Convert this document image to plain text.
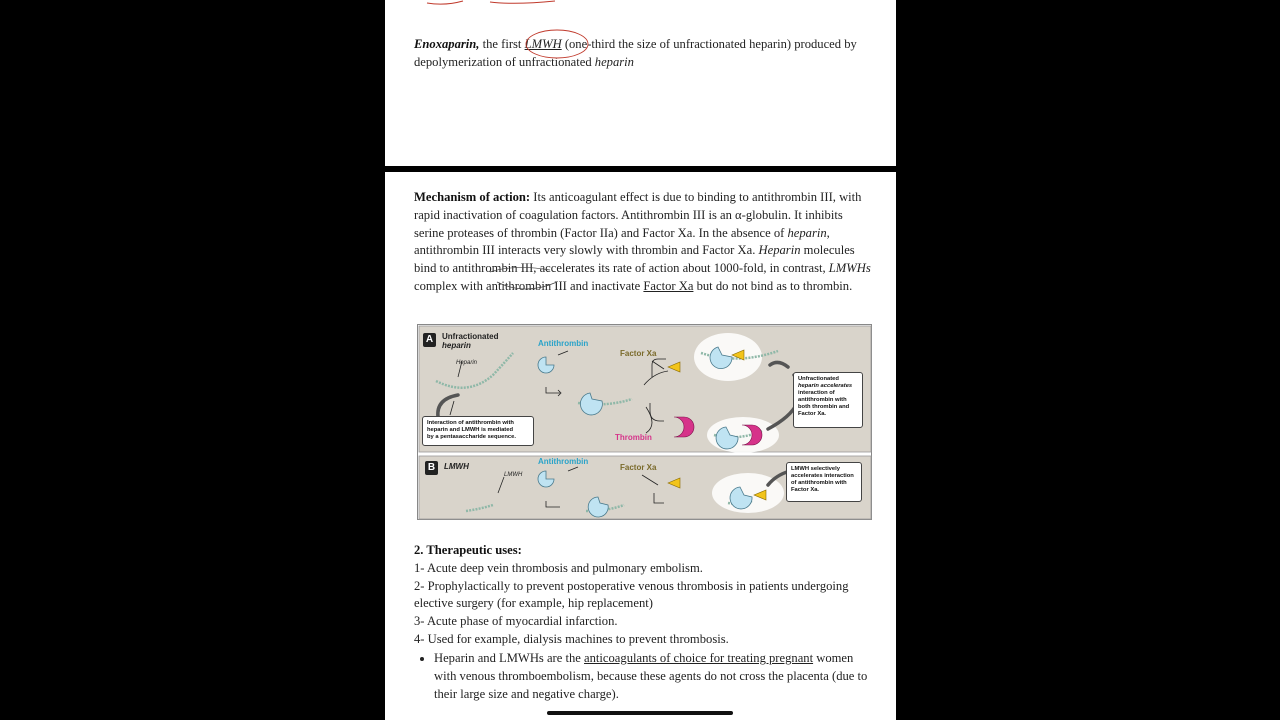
Enoxaparin, the first LMWH (one-third the size of unfractionated heparin) produced by depolymerization of unfractionated heparin
Mechanism of action: Its anticoagulant effect is due to binding to antithrombin III, with rapid inactivation of coagulation factors. Antithrombin III is an α-globulin. It inhibits serine proteases of thrombin (Factor IIa) and Factor Xa. In the absence of heparin, antithrombin III interacts very slowly with thrombin and Factor Xa. Heparin molecules bind to antithrombin III, accelerates its rate of action about 1000-fold, in contrast, LMWHs complex with antithrombin III and inactivate Factor Xa but do not bind as to thrombin.
A	Unfractionated
heparin
Heparin
Antithrombin
Factor Xa
Thrombin
Interaction of antithrombin with
heparin and LMWH is mediated
by a pentasaccharide sequence.
Unfractionated
heparin accelerates
interaction of
antithrombin with
both thrombin and
Factor Xa.
B	LMWH
LMWH
Antithrombin
Factor Xa	LMWH selectively
accelerates interaction
of antithrombin with
Factor Xa.
2. Therapeutic uses:
1- Acute deep vein thrombosis and pulmonary embolism.
2- Prophylactically to prevent postoperative venous thrombosis in patients undergoing elective surgery (for example, hip replacement)
3- Acute phase of myocardial infarction.
4- Used for example, dialysis machines to prevent thrombosis.
• Heparin and LMWHs are the anticoagulants of choice for treating pregnant women with venous thromboembolism, because these agents do not cross the placenta (due to their large size and negative charge).
